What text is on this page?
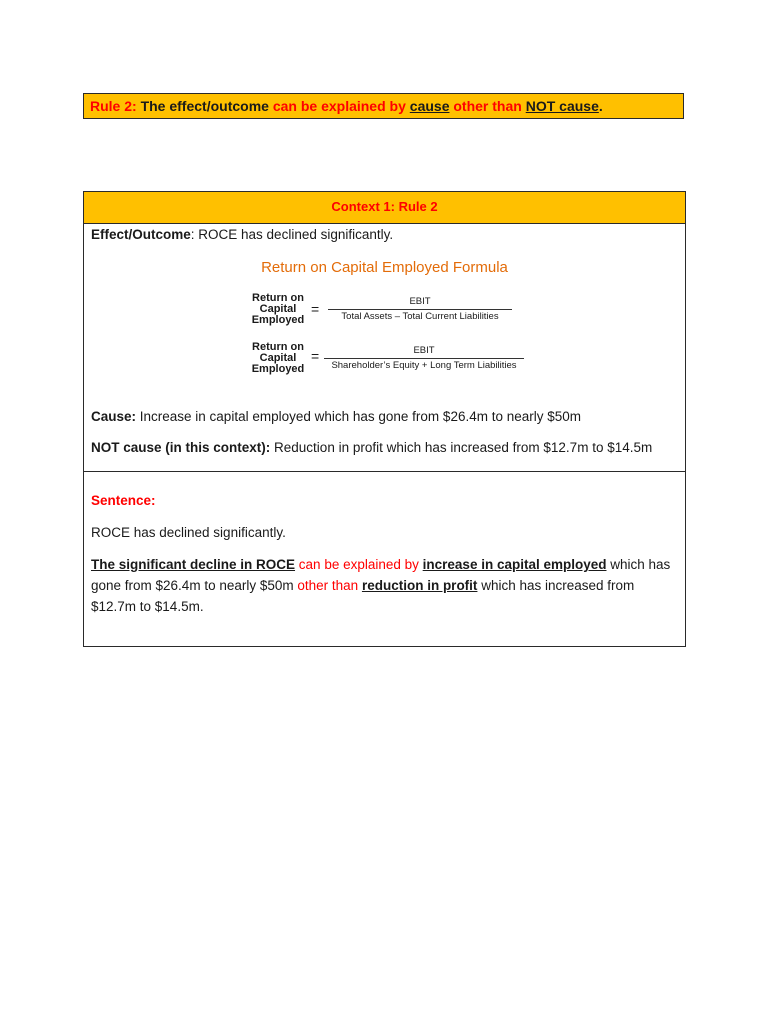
Rule 2: The effect/outcome can be explained by cause other than NOT cause.
Context 1: Rule 2
Effect/Outcome: ROCE has declined significantly.
Return on Capital Employed Formula
Return on
Capital
Employed
=	EBIT
Total Assets – Total Current Liabilities
Return on
Capital
Employed
=	EBIT
Shareholder’s Equity + Long Term Liabilities
Cause: Increase in capital employed which has gone from $26.4m to nearly $50m
NOT cause (in this context): Reduction in profit which has increased from $12.7m to $14.5m
Sentence:
ROCE has declined significantly.
The significant decline in ROCE can be explained by increase in capital employed which has gone from $26.4m to nearly $50m other than reduction in profit which has increased from $12.7m to $14.5m.
